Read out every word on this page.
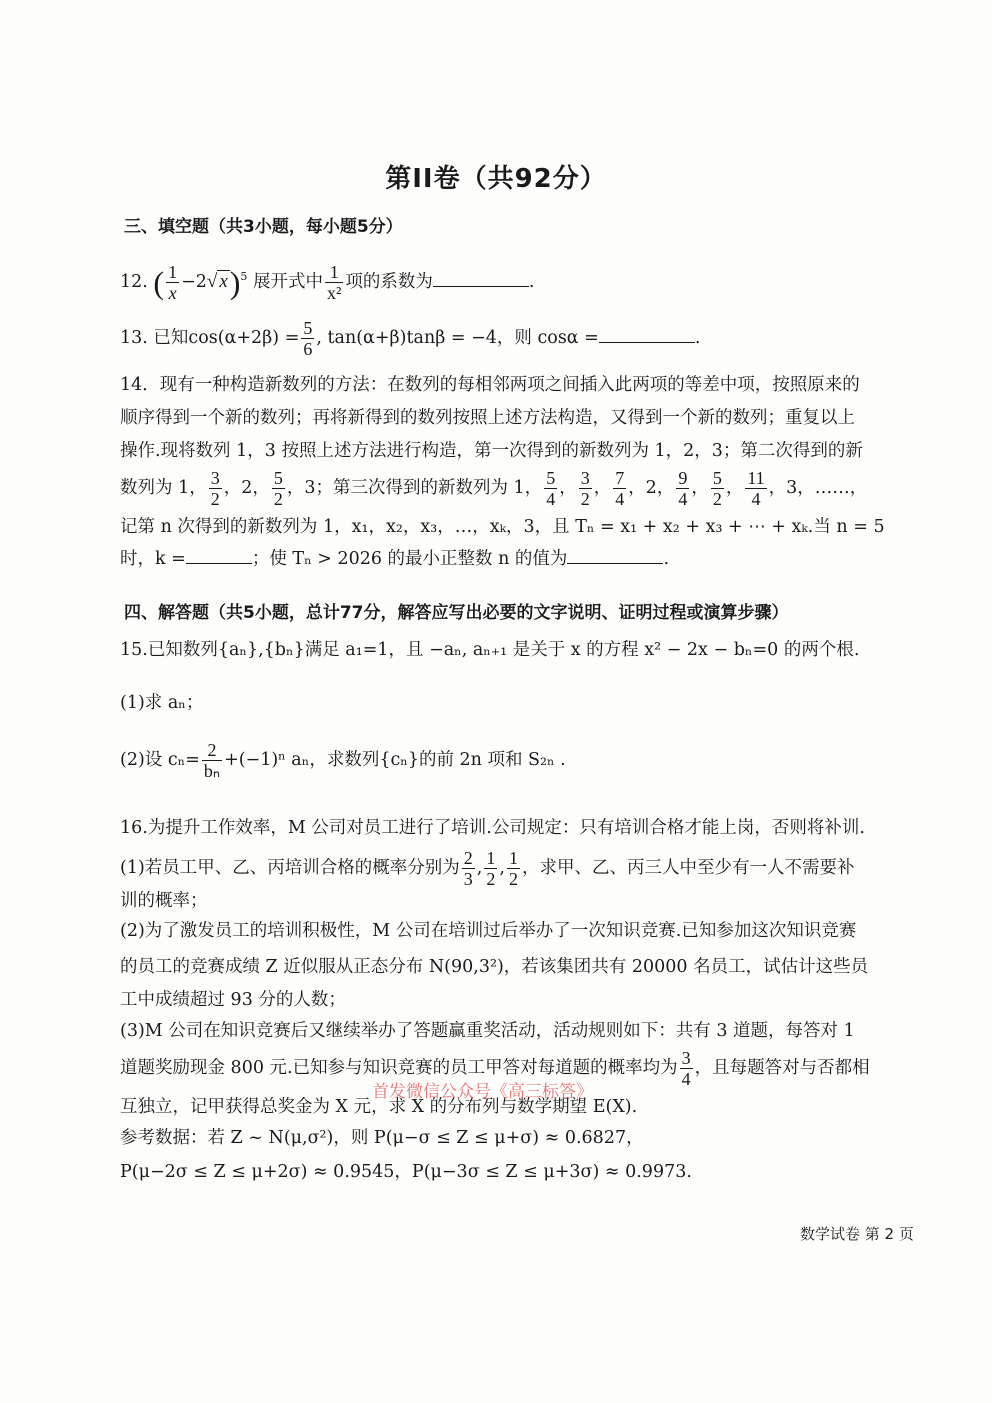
第II卷（共92分）
三、填空题（共3小题，每小题5分）
12. ( $\frac{1}{x} -2√$ x)$^5$ 展开式中 $\frac{1}{\text{x²}}$ 项的系数为	.
13. 已知$\cos(\alpha+2\beta) = \frac{5}{6}$ , tan(α+β)tanβ = −4，则 cosα =	.
14．现有一种构造新数列的方法：在数列的每相邻两项之间插入此两项的等差中项，按照原来的
顺序得到一个新的数列；再将新得到的数列按照上述方法构造，又得到一个新的数列；重复以上
操作.现将数列 1，3 按照上述方法进行构造，第一次得到的新数列为 1，2，3；第二次得到的新
数列为 1， $\frac{3}{2}$ ，2， $\frac{5}{2}$ ，3；第三次得到的新数列为 1， $\frac{5}{4}$ ， $\frac{3}{2}$ ， $\frac{7}{4}$ ，2， $\frac{9}{4}$ ， $\frac{5}{2}$ ， $\frac{11}{4}$ ，3，……，
记第 n 次得到的新数列为 1，x₁，x₂，x₃，…，xₖ，3，且 Tₙ = x₁ + x₂ + x₃ + ⋯ + xₖ.当 n = 5
时，k =	；使 Tₙ > 2026 的最小正整数 n 的值为	.
四、解答题（共5小题，总计77分，解答应写出必要的文字说明、证明过程或演算步骤）
15.已知数列{aₙ},{bₙ}满足 a₁=1，且 −aₙ, aₙ₊₁ 是关于 x 的方程 x² − 2x − bₙ=0 的两个根.
(1)求 aₙ；
(2)设 $c_n= \frac{2}{\text{bₙ}} +(-1)^n$ aₙ，求数列{cₙ}的前 2n 项和 S₂ₙ .
16.为提升工作效率，M 公司对员工进行了培训.公司规定：只有培训合格才能上岗，否则将补训.
(1)若员工甲、乙、丙培训合格的概率分别为 $\frac{2}{3}$ , $\frac{1}{2}$ , $\frac{1}{2}$ ，求甲、乙、丙三人中至少有一人不需要补
训的概率；
(2)为了激发员工的培训积极性，M 公司在培训过后举办了一次知识竞赛.已知参加这次知识竞赛
的员工的竞赛成绩 Z 近似服从正态分布 N(90,3²)，若该集团共有 20000 名员工，试估计这些员
工中成绩超过 93 分的人数；
(3)M 公司在知识竞赛后又继续举办了答题赢重奖活动，活动规则如下：共有 3 道题，每答对 1
道题奖励现金 800 元.已知参与知识竞赛的员工甲答对每道题的概率均为 $\frac{3}{4}$ ，且每题答对与否都相
互独立，记甲获得总奖金为 X 元，求 X 的分布列与数学期望 E(X).
参考数据：若 Z ~ N(μ,σ²)，则 P(μ−σ ≤ Z ≤ μ+σ) ≈ 0.6827，
P(μ−2σ ≤ Z ≤ μ+2σ) ≈ 0.9545，P(μ−3σ ≤ Z ≤ μ+3σ) ≈ 0.9973.
首发微信公众号《高三标答》
数学试卷 第 2 页
